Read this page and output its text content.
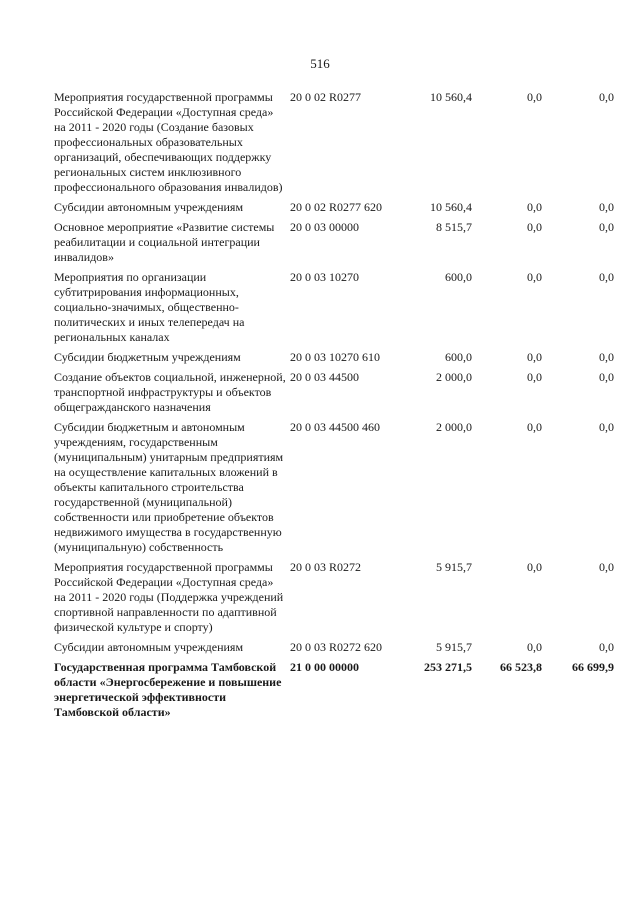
516
Мероприятия государственной программы Российской Федерации «Доступная среда» на 2011 - 2020 годы (Создание базовых профессиональных образовательных организаций, обеспечивающих поддержку региональных систем инклюзивного профессионального образования инвалидов)	20 0 02 R0277	10 560,4	0,0	0,0
Субсидии автономным учреждениям	20 0 02 R0277 620	10 560,4	0,0	0,0
Основное мероприятие «Развитие системы реабилитации и социальной интеграции инвалидов»	20 0 03 00000	8 515,7	0,0	0,0
Мероприятия по организации субтитрирования информационных, социально-значимых, общественно-политических и иных телепередач на региональных каналах	20 0 03 10270	600,0	0,0	0,0
Субсидии бюджетным учреждениям	20 0 03 10270 610	600,0	0,0	0,0
Создание объектов социальной, инженерной, транспортной инфраструктуры и объектов общегражданского назначения	20 0 03 44500	2 000,0	0,0	0,0
Субсидии бюджетным и автономным учреждениям, государственным (муниципальным) унитарным предприятиям на осуществление капитальных вложений в объекты капитального строительства государственной (муниципальной) собственности или приобретение объектов недвижимого имущества в государственную (муниципальную) собственность	20 0 03 44500 460	2 000,0	0,0	0,0
Мероприятия государственной программы Российской Федерации «Доступная среда» на 2011 - 2020 годы (Поддержка учреждений спортивной направленности по адаптивной физической культуре и спорту)	20 0 03 R0272	5 915,7	0,0	0,0
Субсидии автономным учреждениям	20 0 03 R0272 620	5 915,7	0,0	0,0
Государственная программа Тамбовской области «Энергосбережение и повышение энергетической эффективности Тамбовской области»	21 0 00 00000	253 271,5	66 523,8	66 699,9
